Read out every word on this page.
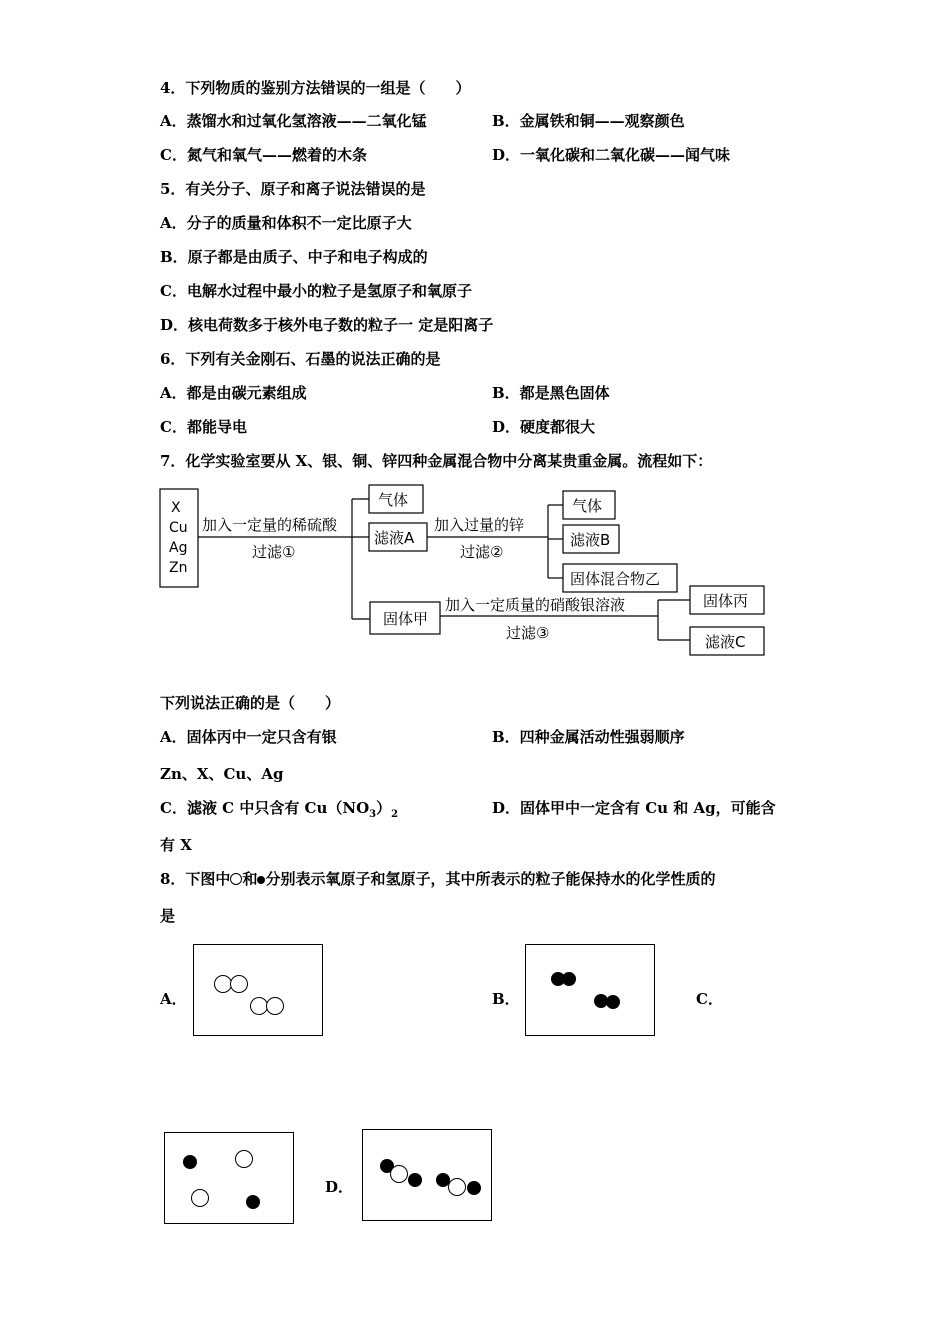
4．下列物质的鉴别方法错误的一组是（　　）
A．蒸馏水和过氧化氢溶液——二氧化锰	B．金属铁和铜——观察颜色
C．氮气和氧气——燃着的木条	D．一氧化碳和二氧化碳——闻气味
5．有关分子、原子和离子说法错误的是
A．分子的质量和体积不一定比原子大
B．原子都是由质子、中子和电子构成的
C．电解水过程中最小的粒子是氢原子和氧原子
D．核电荷数多于核外电子数的粒子一 定是阳离子
6．下列有关金刚石、石墨的说法正确的是
A．都是由碳元素组成	B．都是黑色固体
C．都能导电	D．硬度都很大
7．化学实验室要从 X、银、铜、锌四种金属混合物中分离某贵重金属。流程如下：
X
Cu
Ag
Zn
加入一定量的稀硫酸
过滤①
气体
滤液A
加入过量的锌
过滤②
气体
滤液B
固体混合物乙
固体甲
加入一定质量的硝酸银溶液
过滤③
固体丙
滤液C
下列说法正确的是（　　）
A．固体丙中一定只含有银	B．四种金属活动性强弱顺序
Zn、X、Cu、Ag
C．滤液 C 中只含有 $Cu(NO_3)_2$	D．固体甲中一定含有 Cu 和 Ag，可能含
有 X
8．下图中 和 分别表示氧原子和氢原子，其中所表示的粒子能保持水的化学性质的
是
A．	B．	C．
D．
